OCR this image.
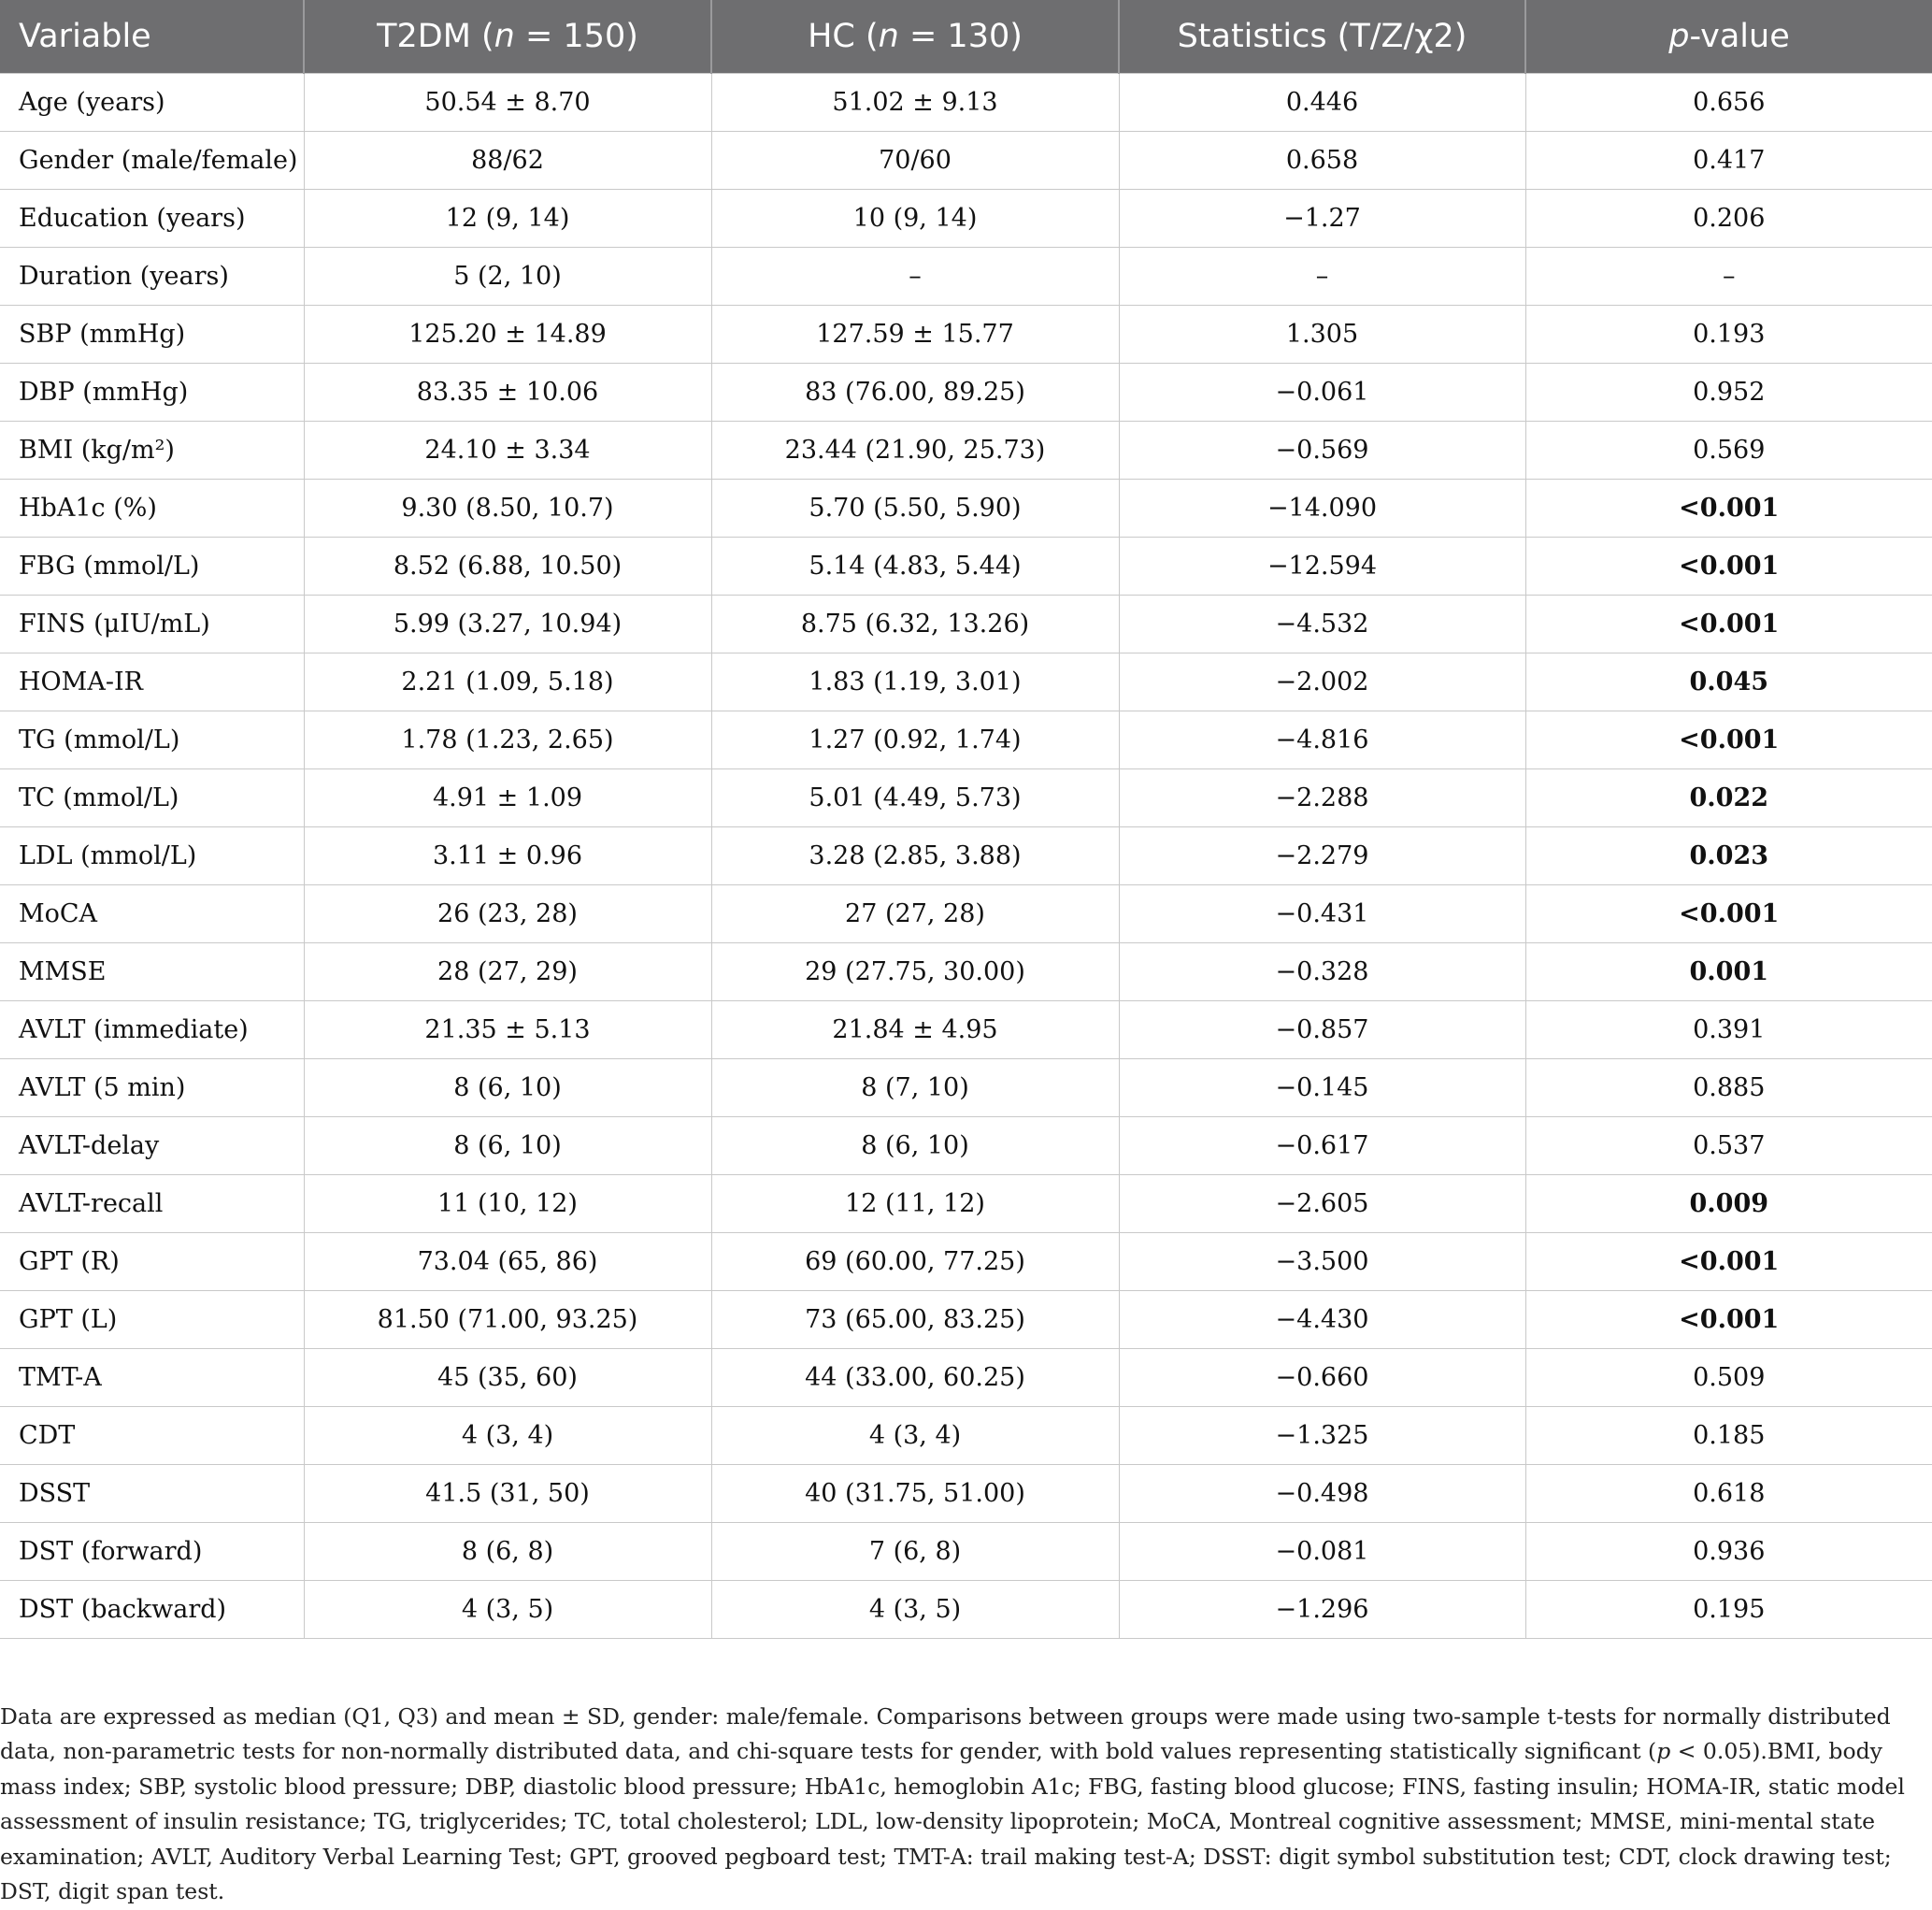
Variable	T2DM (n = 150)	HC (n = 130)	Statistics (T/Z/χ2)	p-value
Age (years)	50.54 ± 8.70	51.02 ± 9.13	0.446	0.656
Gender (male/female)	88/62	70/60	0.658	0.417
Education (years)	12 (9, 14)	10 (9, 14)	−1.27	0.206
Duration (years)	5 (2, 10)	–	–	–
SBP (mmHg)	125.20 ± 14.89	127.59 ± 15.77	1.305	0.193
DBP (mmHg)	83.35 ± 10.06	83 (76.00, 89.25)	−0.061	0.952
BMI (kg/m²)	24.10 ± 3.34	23.44 (21.90, 25.73)	−0.569	0.569
HbA1c (%)	9.30 (8.50, 10.7)	5.70 (5.50, 5.90)	−14.090	<0.001
FBG (mmol/L)	8.52 (6.88, 10.50)	5.14 (4.83, 5.44)	−12.594	<0.001
FINS (μIU/mL)	5.99 (3.27, 10.94)	8.75 (6.32, 13.26)	−4.532	<0.001
HOMA-IR	2.21 (1.09, 5.18)	1.83 (1.19, 3.01)	−2.002	0.045
TG (mmol/L)	1.78 (1.23, 2.65)	1.27 (0.92, 1.74)	−4.816	<0.001
TC (mmol/L)	4.91 ± 1.09	5.01 (4.49, 5.73)	−2.288	0.022
LDL (mmol/L)	3.11 ± 0.96	3.28 (2.85, 3.88)	−2.279	0.023
MoCA	26 (23, 28)	27 (27, 28)	−0.431	<0.001
MMSE	28 (27, 29)	29 (27.75, 30.00)	−0.328	0.001
AVLT (immediate)	21.35 ± 5.13	21.84 ± 4.95	−0.857	0.391
AVLT (5 min)	8 (6, 10)	8 (7, 10)	−0.145	0.885
AVLT-delay	8 (6, 10)	8 (6, 10)	−0.617	0.537
AVLT-recall	11 (10, 12)	12 (11, 12)	−2.605	0.009
GPT (R)	73.04 (65, 86)	69 (60.00, 77.25)	−3.500	<0.001
GPT (L)	81.50 (71.00, 93.25)	73 (65.00, 83.25)	−4.430	<0.001
TMT-A	45 (35, 60)	44 (33.00, 60.25)	−0.660	0.509
CDT	4 (3, 4)	4 (3, 4)	−1.325	0.185
DSST	41.5 (31, 50)	40 (31.75, 51.00)	−0.498	0.618
DST (forward)	8 (6, 8)	7 (6, 8)	−0.081	0.936
DST (backward)	4 (3, 5)	4 (3, 5)	−1.296	0.195

Data are expressed as median (Q1, Q3) and mean ± SD, gender: male/female. Comparisons between groups were made using two-sample t-tests for normally distributed data, non-parametric tests for non-normally distributed data, and chi-square tests for gender, with bold values representing statistically significant (p < 0.05).BMI, body mass index; SBP, systolic blood pressure; DBP, diastolic blood pressure; HbA1c, hemoglobin A1c; FBG, fasting blood glucose; FINS, fasting insulin; HOMA-IR, static model assessment of insulin resistance; TG, triglycerides; TC, total cholesterol; LDL, low-density lipoprotein; MoCA, Montreal cognitive assessment; MMSE, mini-mental state examination; AVLT, Auditory Verbal Learning Test; GPT, grooved pegboard test; TMT-A: trail making test-A; DSST: digit symbol substitution test; CDT, clock drawing test; DST, digit span test.
